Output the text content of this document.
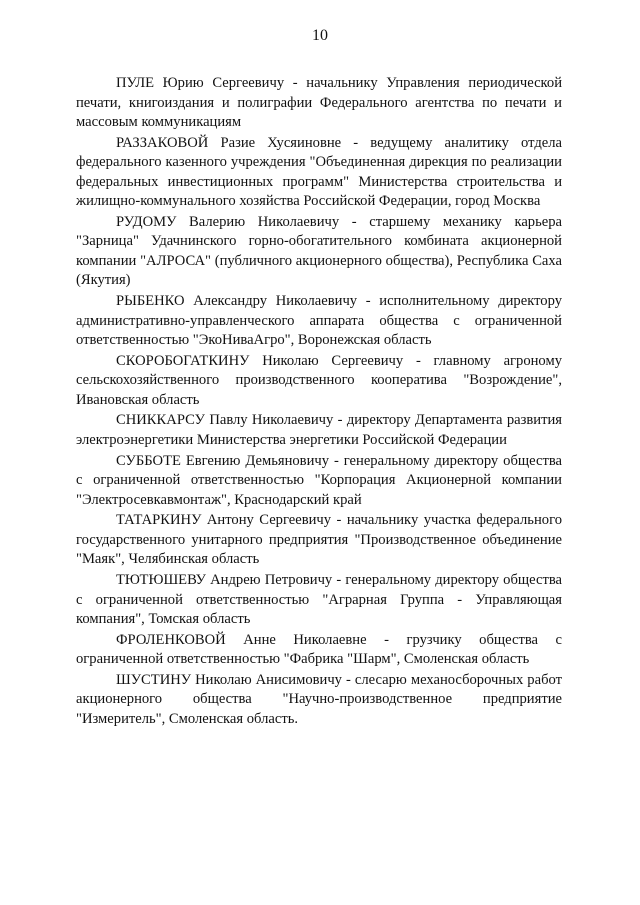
10

ПУЛЕ Юрию Сергеевичу - начальнику Управления периодической печати, книгоиздания и полиграфии Федерального агентства по печати и массовым коммуникациям

РАЗЗАКОВОЙ Разие Хусяиновне - ведущему аналитику отдела федерального казенного учреждения "Объединенная дирекция по реализации федеральных инвестиционных программ" Министерства строительства и жилищно-коммунального хозяйства Российской Федерации, город Москва

РУДОМУ Валерию Николаевичу - старшему механику карьера "Зарница" Удачнинского горно-обогатительного комбината акционерной компании "АЛРОСА" (публичного акционерного общества), Республика Саха (Якутия)

РЫБЕНКО Александру Николаевичу - исполнительному директору административно-управленческого аппарата общества с ограниченной ответственностью "ЭкоНиваАгро", Воронежская область

СКОРОБОГАТКИНУ Николаю Сергеевичу - главному агроному сельскохозяйственного производственного кооператива "Возрождение", Ивановская область

СНИККАРСУ Павлу Николаевичу - директору Департамента развития электроэнергетики Министерства энергетики Российской Федерации

СУББОТЕ Евгению Демьяновичу - генеральному директору общества с ограниченной ответственностью "Корпорация Акционерной компании "Электросевкавмонтаж", Краснодарский край

ТАТАРКИНУ Антону Сергеевичу - начальнику участка федерального государственного унитарного предприятия "Производственное объединение "Маяк", Челябинская область

ТЮТЮШЕВУ Андрею Петровичу - генеральному директору общества с ограниченной ответственностью "Аграрная Группа - Управляющая компания", Томская область

ФРОЛЕНКОВОЙ Анне Николаевне - грузчику общества с ограниченной ответственностью "Фабрика "Шарм", Смоленская область

ШУСТИНУ Николаю Анисимовичу - слесарю механосборочных работ акционерного общества "Научно-производственное предприятие "Измеритель", Смоленская область.
